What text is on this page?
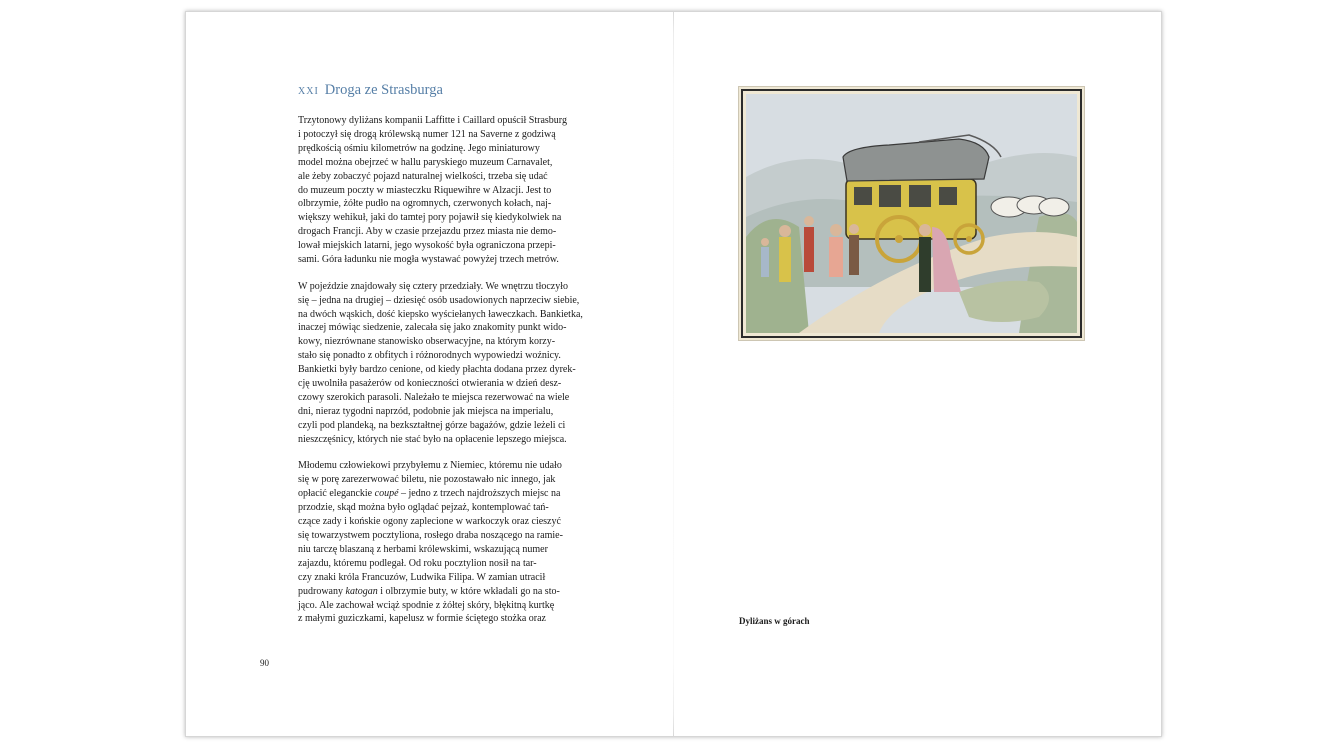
xxi Droga ze Strasburga

Trzytonowy dyliżans kompanii Laffitte i Caillard opuścił Strasburg
i potoczył się drogą królewską numer 121 na Saverne z godziwą
prędkością ośmiu kilometrów na godzinę. Jego miniaturowy
model można obejrzeć w hallu paryskiego muzeum Carnavalet,
ale żeby zobaczyć pojazd naturalnej wielkości, trzeba się udać
do muzeum poczty w miasteczku Riquewihre w Alzacji. Jest to
olbrzymie, żółte pudło na ogromnych, czerwonych kołach, naj-
większy wehikuł, jaki do tamtej pory pojawił się kiedykolwiek na
drogach Francji. Aby w czasie przejazdu przez miasta nie demo-
lował miejskich latarni, jego wysokość była ograniczona przepi-
sami. Góra ładunku nie mogła wystawać powyżej trzech metrów.

W pojeździe znajdowały się cztery przedziały. We wnętrzu tłoczyło
się – jedna na drugiej – dziesięć osób usadowionych naprzeciw siebie,
na dwóch wąskich, dość kiepsko wyściełanych ławeczkach. Bankietka,
inaczej mówiąc siedzenie, zalecała się jako znakomity punkt wido-
kowy, niezrównane stanowisko obserwacyjne, na którym korzy-
stało się ponadto z obfitych i różnorodnych wypowiedzi woźnicy.
Bankietki były bardzo cenione, od kiedy płachta dodana przez dyrek-
cję uwolniła pasażerów od konieczności otwierania w dzień desz-
czowy szerokich parasoli. Należało te miejsca rezerwować na wiele
dni, nieraz tygodni naprzód, podobnie jak miejsca na imperialu,
czyli pod plandeką, na bezkształtnej górze bagażów, gdzie leżeli ci
nieszczęśnicy, których nie stać było na opłacenie lepszego miejsca.

Młodemu człowiekowi przybyłemu z Niemiec, któremu nie udało
się w porę zarezerwować biletu, nie pozostawało nic innego, jak
opłacić eleganckie coupé – jedno z trzech najdroższych miejsc na
przodzie, skąd można było oglądać pejzaż, kontemplować tań-
czące zady i końskie ogony zaplecione w warkoczyk oraz cieszyć
się towarzystwem pocztyliona, rosłego draba noszącego na ramie-
niu tarczę blaszaną z herbami królewskimi, wskazującą numer
zajazdu, któremu podlegał. Od roku pocztylion nosił na tar-
czy znaki króla Francuzów, Ludwika Filipa. W zamian utracił
pudrowany katogan i olbrzymie buty, w które wkładali go na sto-
jąco. Ale zachował wciąż spodnie z żółtej skóry, błękitną kurtkę
z małymi guziczkami, kapelusz w formie ściętego stożka oraz

90
Dyliżans w górach
